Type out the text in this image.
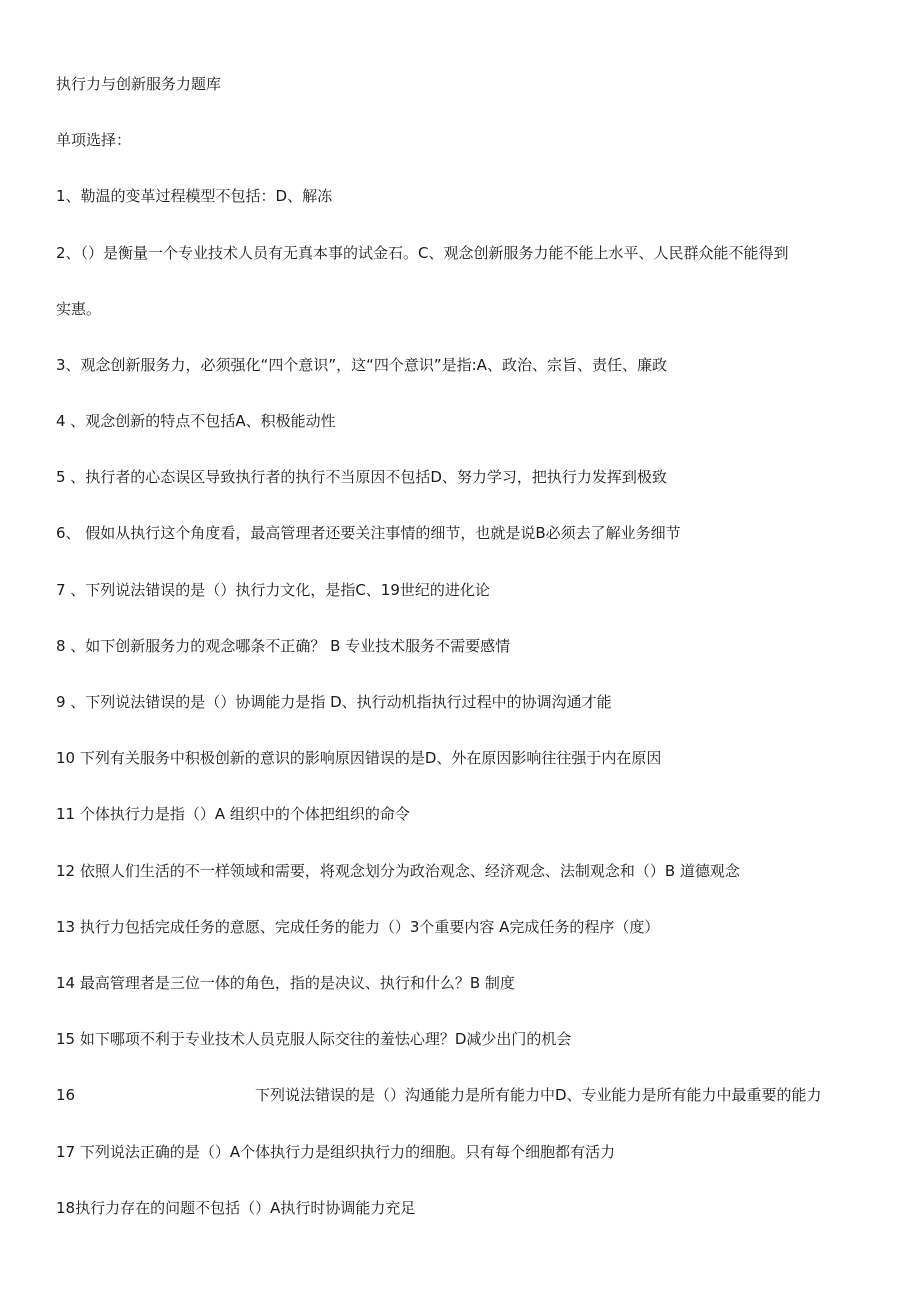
执行力与创新服务力题库
单项选择：
1、勒温的变革过程模型不包括：D、解冻
2、（）是衡量一个专业技术人员有无真本事的试金石。C、观念创新服务力能不能上水平、人民群众能不能得到
实惠。
3、观念创新服务力，必须强化“四个意识”，这“四个意识”是指:A、政治、宗旨、责任、廉政
4 、观念创新的特点不包括A、积极能动性
5 、执行者的心态误区导致执行者的执行不当原因不包括D、努力学习，把执行力发挥到极致
6、 假如从执行这个角度看，最高管理者还要关注事情的细节，也就是说B必须去了解业务细节
7 、下列说法错误的是（）执行力文化，是指C、19世纪的进化论
8 、如下创新服务力的观念哪条不正确？ B 专业技术服务不需要感情
9 、下列说法错误的是（）协调能力是指 D、执行动机指执行过程中的协调沟通才能
10 下列有关服务中积极创新的意识的影响原因错误的是D、外在原因影响往往强于内在原因
11 个体执行力是指（）A 组织中的个体把组织的命令
12 依照人们生活的不一样领域和需要，将观念划分为政治观念、经济观念、法制观念和（）B 道德观念
13 执行力包括完成任务的意愿、完成任务的能力（）3个重要内容 A完成任务的程序（度）
14 最高管理者是三位一体的角色，指的是决议、执行和什么？B 制度
15 如下哪项不利于专业技术人员克服人际交往的羞怯心理？D减少出门的机会
16	下列说法错误的是（）沟通能力是所有能力中D、专业能力是所有能力中最重要的能力
17 下列说法正确的是（）A个体执行力是组织执行力的细胞。只有每个细胞都有活力
18执行力存在的问题不包括（）A执行时协调能力充足
